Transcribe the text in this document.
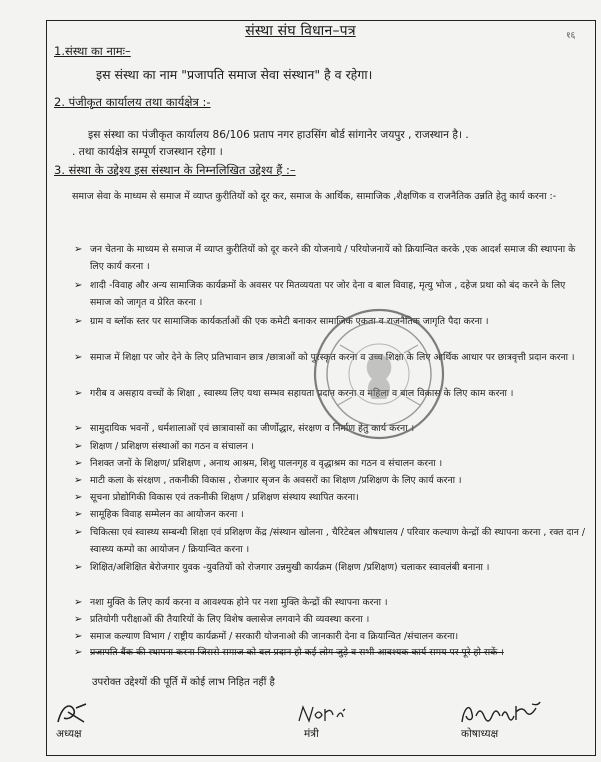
संस्था संघ विधान–पत्र	१६
1.संस्था का नामः–
इस संस्था का नाम "प्रजापति समाज सेवा संस्थान" है व रहेगा।
2. पंजीकृत कार्यालय तथा कार्यक्षेत्र :-
इस संस्था का पंजीकृत कार्यालय 86/106 प्रताप नगर हाउसिंग बोर्ड सांगानेर जयपुर , राजस्थान है। .
. तथा कार्यक्षेत्र सम्पूर्ण राजस्थान रहेगा ।
3. संस्था के उद्देश्य इस संस्थान के निम्नलिखित उद्देश्य हैं :–
समाज सेवा के माध्यम से समाज में व्याप्त कुरीतियों को दूर कर, समाज के आर्थिक, सामाजिक ,शैक्षणिक व राजनैतिक उन्नति हेतु कार्य करना :-
➢ जन चेतना के माध्यम से समाज में व्याप्त कुरीतियों को दूर करने की योजनाये / परियोजनायें को क्रियान्वित करके ,एक आदर्श समाज की स्थापना के लिए कार्य करना ।
➢ शादी -विवाह और अन्य सामाजिक कार्यक्रमों के अवसर पर मितव्ययता पर जोर देना व बाल विवाह, मृत्यु भोज , दहेज प्रथा को बंद करने के लिए समाज को जागृत व प्रेरित करना ।
➢ ग्राम व ब्लॉक स्तर पर सामाजिक कार्यकर्ताओं की एक कमेटी बनाकर सामाजिक एकता व राजनैतिक जागृति पैदा करना ।
➢ समाज में शिक्षा पर जोर देने के लिए प्रतिभावान छात्र /छात्राओं को पुरस्कृत करना व उच्च शिक्षा के लिए आर्थिक आधार पर छात्रवृत्ती प्रदान करना ।
➢ गरीब व असहाय वच्चों के शिक्षा , स्वास्थ्य लिए यथा सम्भव सहायता प्रदान करना व महिला व बाल विकास के लिए काम करना ।
➢ सामुदायिक भवनों , धर्मशालाओं एवं छात्रावासों का जीर्णोद्धार, संरक्षण व निर्माण हेतु कार्य करना ।
➢ शिक्षण / प्रशिक्षण संस्थाओं का गठन व संचालन ।
➢ निशक्त जनों के शिक्षण/ प्रशिक्षण , अनाथ आश्रम, शिशु पालनगृह व वृद्धाश्रम का गठन व संचालन करना ।
➢ माटी कला के संरक्षण , तकनीकी विकास , रोजगार सृजन के अवसरों का शिक्षण /प्रशिक्षण के लिए कार्य करना ।
➢ सूचना प्रोद्योगिकी विकास एवं तकनीकी शिक्षण / प्रशिक्षण संस्थाय स्थापित करना।
➢ सामूहिक विवाह सम्मेलन का आयोजन करना ।
➢ चिकित्सा एवं स्वास्थ्य सम्बन्धी शिक्षा एवं प्रशिक्षण केंद्र /संस्थान खोलना , चैरिटेबल औषधालय / परिवार कल्याण केन्द्रों की स्थापना करना , रक्त दान / स्वास्थ्य कम्पो का आयोजन / क्रियान्वित करना ।
➢ शिक्षित/अशिक्षित बेरोजगार युवक -युवतियों को रोजगार उन्नमुखी कार्यक्रम (शिक्षण /प्रशिक्षण) चलाकर स्वावलंबी बनाना ।
➢ नशा मुक्ति के लिए कार्य करना व आवश्यक होने पर नशा मुक्ति केन्द्रों की स्थापना करना ।
➢ प्रतियोगी परीक्षाओं की तैयारियों के लिए विशेष क्लासेज लगवाने की व्यवस्था करना ।
➢ समाज कल्याण विभाग / राष्ट्रीय कार्यक्रमों / सरकारी योजनाओ की जानकारी देना व क्रियान्वित /संचालन करना।
➢ प्रजापति बैंक की स्थापना करना जिससे समाज को बल प्रदान हो कई लोग जुड़े व सभी आवश्यक कार्य समय पर पूरे हो सकें ।
उपरोक्त उद्देश्यों की पूर्ति में कोई लाभ निहित नहीं है
अध्यक्ष	मंत्री	कोषाध्यक्ष
